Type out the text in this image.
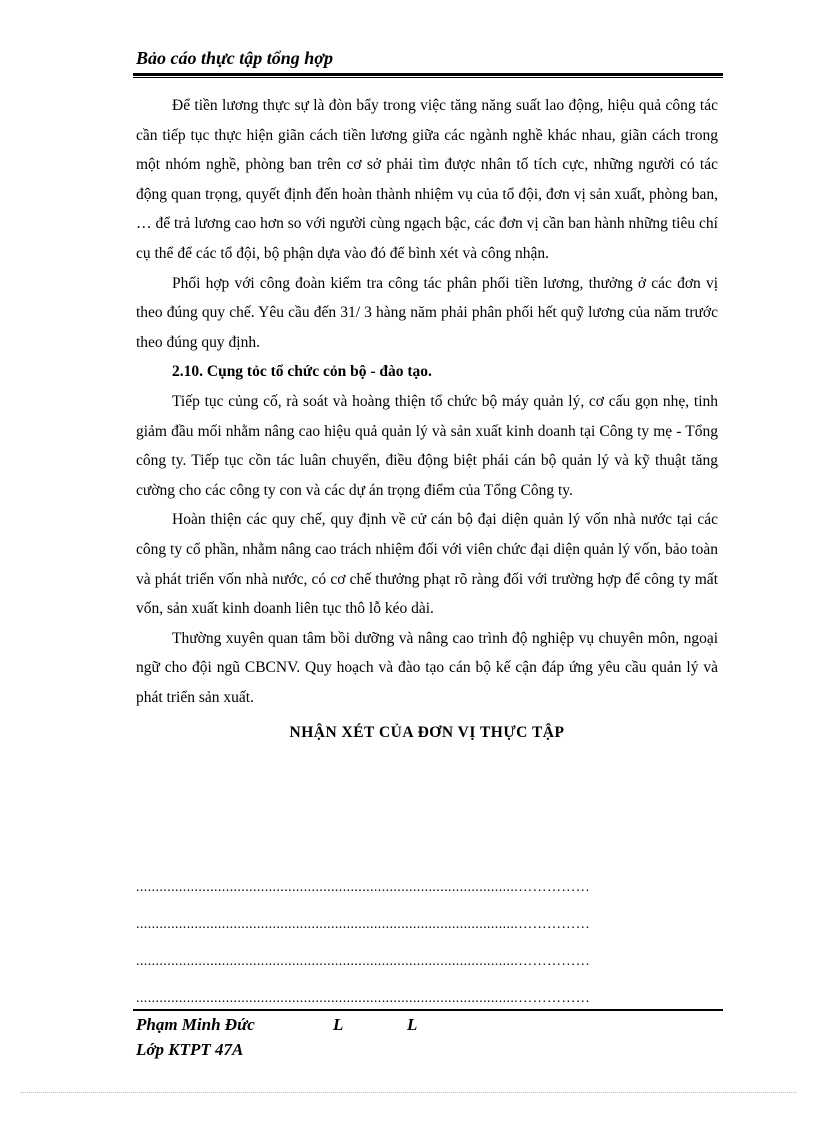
Bảo cáo thực tập tổng hợp

Để tiền lương thực sự là đòn bẩy trong việc tăng năng suất lao động, hiệu quả công tác cần tiếp tục thực hiện giãn cách tiền lương giữa các ngành nghề khác nhau, giãn cách trong một nhóm nghề, phòng ban trên cơ sở phải tìm được nhân tố tích cực, những người có tác động quan trọng, quyết định đến hoàn thành nhiệm vụ của tổ đội, đơn vị sản xuất, phòng ban, … để trả lương cao hơn so với người cùng ngạch bậc, các đơn vị cần ban hành những tiêu chí cụ thể để các tổ đội, bộ phận dựa vào đó để bình xét và công nhận.

Phối hợp với công đoàn kiểm tra công tác phân phối tiền lương, thưởng ở các đơn vị theo đúng quy chế. Yêu cầu đến 31/ 3 hàng năm phải phân phối hết quỹ lương của năm trước theo đúng quy định.

2.10. Cụng tỏc tổ chức cỏn bộ - đào tạo.

Tiếp tục củng cố, rà soát và hoàng thiện tổ chức bộ máy quản lý, cơ cấu gọn nhẹ, tinh giảm đầu mối nhằm nâng cao hiệu quả quản lý và sản xuất kinh doanh tại Công ty mẹ - Tổng công ty. Tiếp tục cồn tác luân chuyển, điều động biệt phái cán bộ quản lý và kỹ thuật tăng cường cho các công ty con và các dự án trọng điểm của Tổng Công ty.

Hoàn thiện các quy chế, quy định về cử cán bộ đại diện quản lý vốn nhà nước tại các công ty cổ phần, nhằm nâng cao trách nhiệm đối với viên chức đại diện quản lý vốn, bảo toàn và phát triển vốn nhà nước, có cơ chế thưởng phạt rõ ràng đối với trường hợp để công ty mất vốn, sản xuất kinh doanh liên tục thô lỗ kéo dài.

Thường xuyên quan tâm bồi dưỡng và nâng cao trình độ nghiệp vụ chuyên môn, ngoại ngữ cho đội ngũ CBCNV. Quy hoạch và đào tạo cán bộ kế cận đáp ứng yêu cầu quản lý và phát triển sản xuất.

NHẬN XÉT CỦA ĐƠN VỊ THỰC TẬP

..................................................................................................……………
..................................................................................................……………
..................................................................................................……………
..................................................................................................……………
Phạm Minh Đức	L	L
Lớp KTPT 47A
